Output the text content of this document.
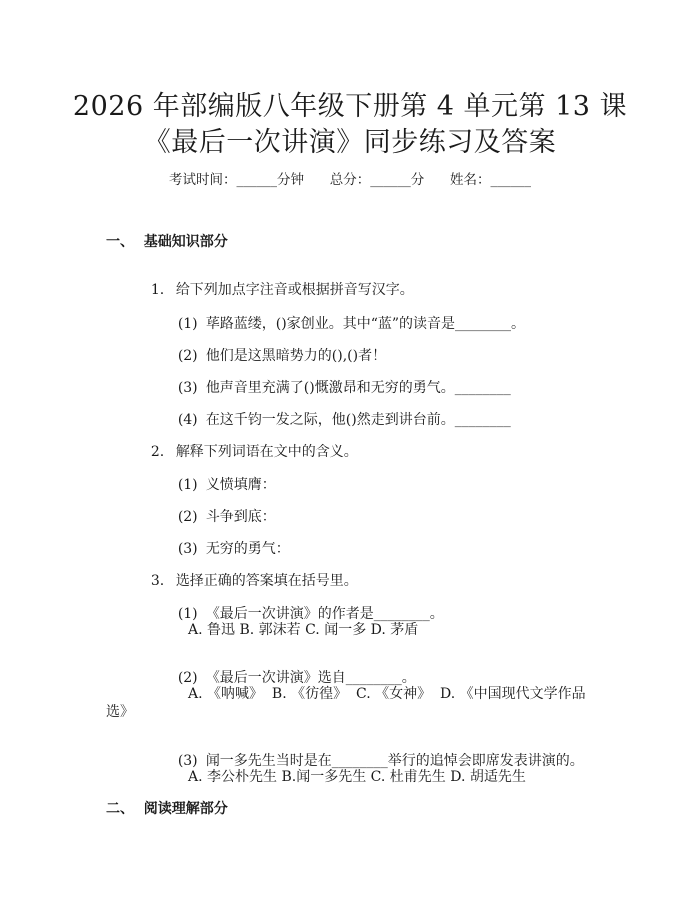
2026 年部编版八年级下册第 4 单元第 13 课
《最后一次讲演》同步练习及答案
考试时间：______分钟      总分：______分      姓名：______
一、  基础知识部分

1. 给下列加点字注音或根据拼音写汉字。

(1) 荜路蓝缕，()家创业。其中“蓝”的读音是________。

(2) 他们是这黑暗势力的(),()者！

(3) 他声音里充满了()慨激昂和无穷的勇气。________

(4) 在这千钧一发之际，他()然走到讲台前。________

2. 解释下列词语在文中的含义。

(1) 义愤填膺：

(2) 斗争到底：

(3) 无穷的勇气：

3. 选择正确的答案填在括号里。

(1) 《最后一次讲演》的作者是________。

A. 鲁迅 B. 郭沫若 C. 闻一多 D. 茅盾

(2) 《最后一次讲演》选自________。

A. 《呐喊》  B. 《彷徨》  C. 《女神》  D. 《中国现代文学作品
选》

(3) 闻一多先生当时是在________举行的追悼会即席发表讲演的。

A. 李公朴先生 B.闻一多先生 C. 杜甫先生 D. 胡适先生
二、  阅读理解部分
